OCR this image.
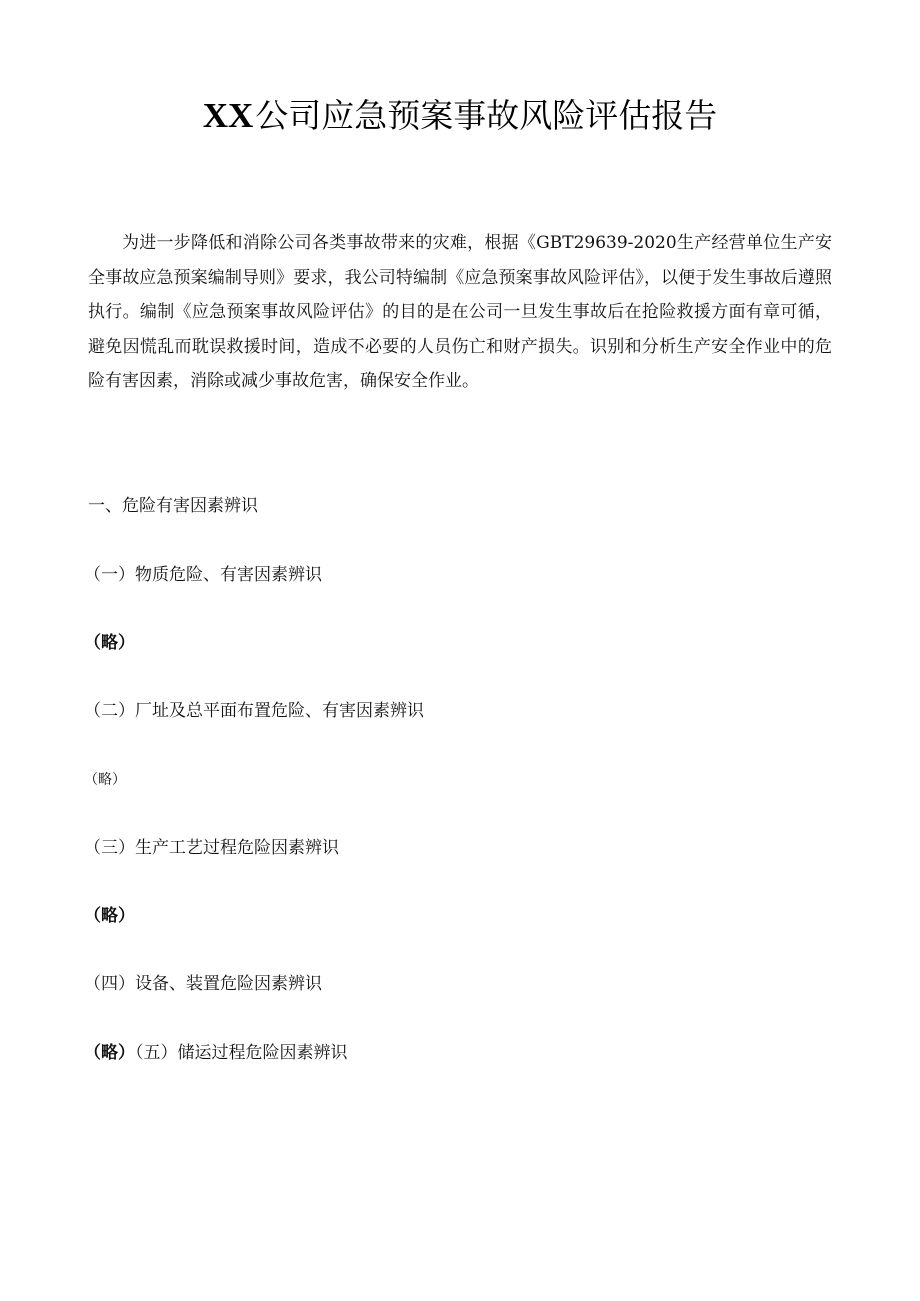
XX公司应急预案事故风险评估报告

为进一步降低和消除公司各类事故带来的灾难，根据《GBT29639-2020生产经营单位生产安全事故应急预案编制导则》要求，我公司特编制《应急预案事故风险评估》，以便于发生事故后遵照执行。编制《应急预案事故风险评估》的目的是在公司一旦发生事故后在抢险救援方面有章可循，避免因慌乱而耽误救援时间，造成不必要的人员伤亡和财产损失。识别和分析生产安全作业中的危险有害因素，消除或减少事故危害，确保安全作业。

一、危险有害因素辨识

（一）物质危险、有害因素辨识

（略）

（二）厂址及总平面布置危险、有害因素辨识

（略）

（三）生产工艺过程危险因素辨识

（略）

（四）设备、装置危险因素辨识

（略）（五）储运过程危险因素辨识
